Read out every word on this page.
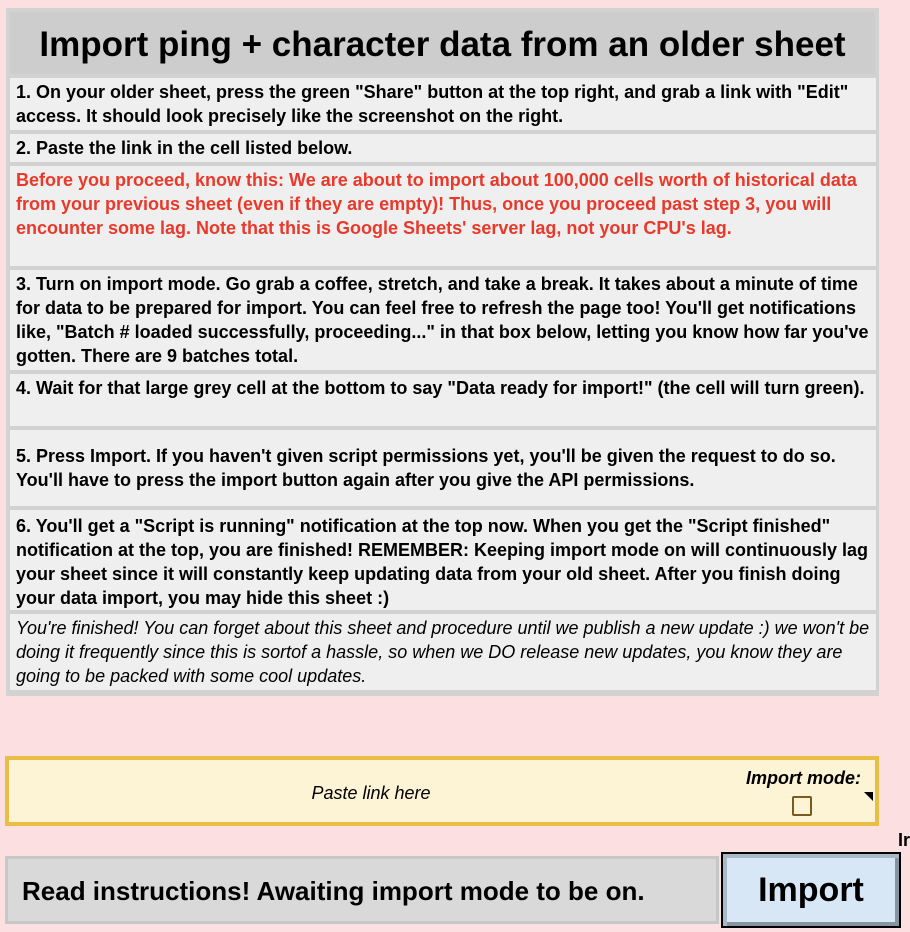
Import ping + character data from an older sheet
1. On your older sheet, press the green "Share" button at the top right, and grab a link with "Edit" access. It should look precisely like the screenshot on the right.
2. Paste the link in the cell listed below.
Before you proceed, know this: We are about to import about 100,000 cells worth of historical data from your previous sheet (even if they are empty)! Thus, once you proceed past step 3, you will encounter some lag. Note that this is Google Sheets' server lag, not your CPU's lag.
3. Turn on import mode. Go grab a coffee, stretch, and take a break. It takes about a minute of time for data to be prepared for import. You can feel free to refresh the page too! You'll get notifications like, "Batch # loaded successfully, proceeding..." in that box below, letting you know how far you've gotten. There are 9 batches total.
4. Wait for that large grey cell at the bottom to say "Data ready for import!" (the cell will turn green).
5. Press Import. If you haven't given script permissions yet, you'll be given the request to do so. You'll have to press the import button again after you give the API permissions.
6. You'll get a "Script is running" notification at the top now. When you get the "Script finished" notification at the top, you are finished! REMEMBER: Keeping import mode on will continuously lag your sheet since it will constantly keep updating data from your old sheet. After you finish doing your data import, you may hide this sheet :)
You're finished! You can forget about this sheet and procedure until we publish a new update :) we won't be doing it frequently since this is sortof a hassle, so when we DO release new updates, you know they are going to be packed with some cool updates.
Paste link here
Import mode:
Ir
Read instructions! Awaiting import mode to be on.	Import
